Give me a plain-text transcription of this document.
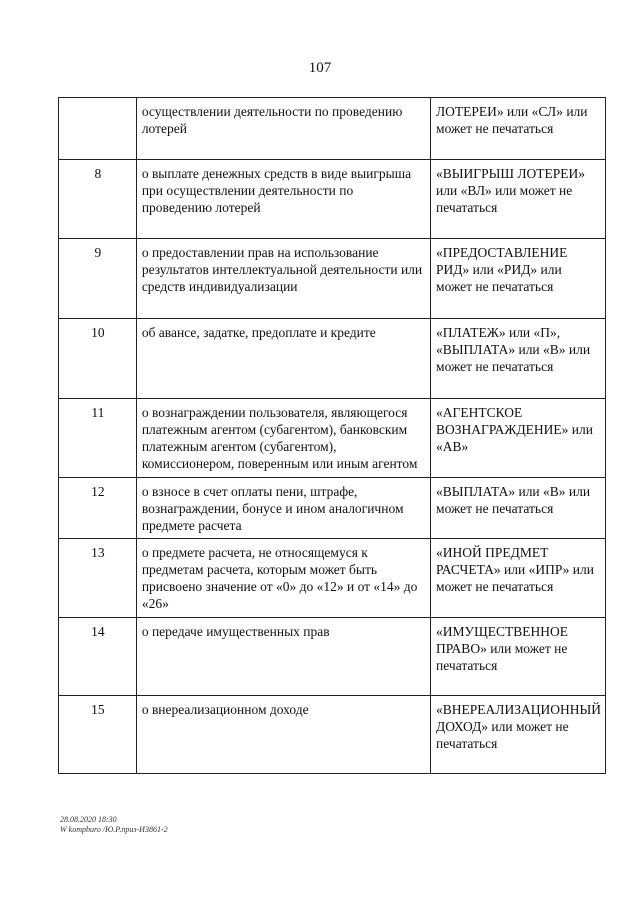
107
	осуществлении деятельности по проведению лотерей	ЛОТЕРЕИ» или «СЛ» или может не печататься
8	о выплате денежных средств в виде выигрыша при осуществлении деятельности по проведению лотерей	«ВЫИГРЫШ ЛОТЕРЕИ» или «ВЛ» или может не печататься
9	о предоставлении прав на использование результатов интеллектуальной деятельности или средств индивидуализации	«ПРЕДОСТАВЛЕНИЕ РИД» или «РИД» или может не печататься
10	об авансе, задатке, предоплате и кредите	«ПЛАТЕЖ» или «П», «ВЫПЛАТА» или «В» или может не печататься
11	о вознаграждении пользователя, являющегося платежным агентом (субагентом), банковским платежным агентом (субагентом), комиссионером, поверенным или иным агентом	«АГЕНТСКОЕ ВОЗНАГРАЖДЕНИЕ» или «АВ»
12	о взносе в счет оплаты пени, штрафе, вознаграждении, бонусе и ином аналогичном предмете расчета	«ВЫПЛАТА» или «В» или может не печататься
13	о предмете расчета, не относящемуся к предметам расчета, которым может быть присвоено значение от «0» до «12» и от «14» до «26»	«ИНОЙ ПРЕДМЕТ РАСЧЕТА» или «ИПР» или может не печататься
14	о передаче имущественных прав	«ИМУЩЕСТВЕННОЕ ПРАВО» или может не печататься
15	о внереализационном доходе	«ВНЕРЕАЛИЗАЦИОННЫЙ ДОХОД» или может не печататься
28.08.2020 18:30
W kompburo /Ю.Р.приз-И3861-2
